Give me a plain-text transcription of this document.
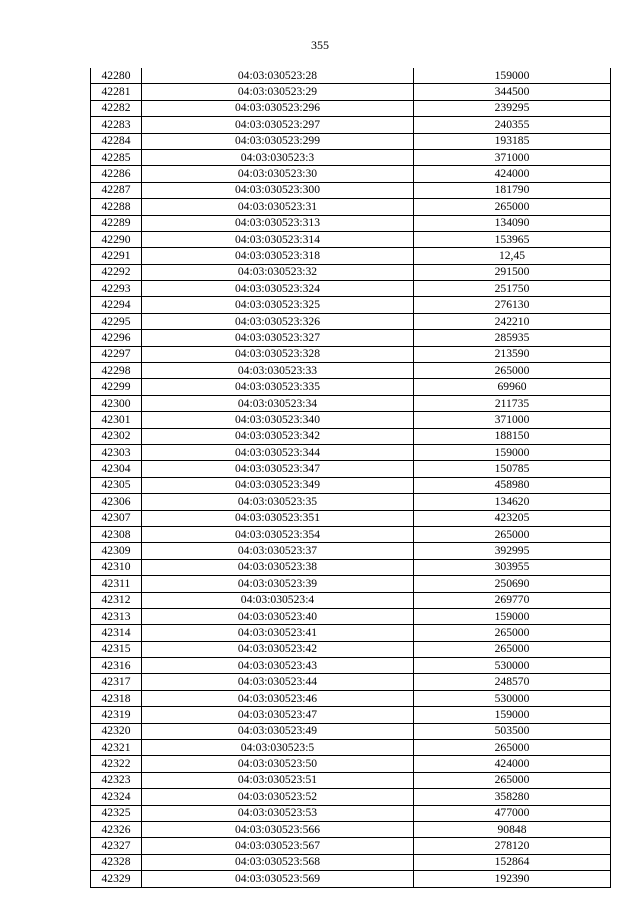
355
42280	04:03:030523:28	159000
42281	04:03:030523:29	344500
42282	04:03:030523:296	239295
42283	04:03:030523:297	240355
42284	04:03:030523:299	193185
42285	04:03:030523:3	371000
42286	04:03:030523:30	424000
42287	04:03:030523:300	181790
42288	04:03:030523:31	265000
42289	04:03:030523:313	134090
42290	04:03:030523:314	153965
42291	04:03:030523:318	12,45
42292	04:03:030523:32	291500
42293	04:03:030523:324	251750
42294	04:03:030523:325	276130
42295	04:03:030523:326	242210
42296	04:03:030523:327	285935
42297	04:03:030523:328	213590
42298	04:03:030523:33	265000
42299	04:03:030523:335	69960
42300	04:03:030523:34	211735
42301	04:03:030523:340	371000
42302	04:03:030523:342	188150
42303	04:03:030523:344	159000
42304	04:03:030523:347	150785
42305	04:03:030523:349	458980
42306	04:03:030523:35	134620
42307	04:03:030523:351	423205
42308	04:03:030523:354	265000
42309	04:03:030523:37	392995
42310	04:03:030523:38	303955
42311	04:03:030523:39	250690
42312	04:03:030523:4	269770
42313	04:03:030523:40	159000
42314	04:03:030523:41	265000
42315	04:03:030523:42	265000
42316	04:03:030523:43	530000
42317	04:03:030523:44	248570
42318	04:03:030523:46	530000
42319	04:03:030523:47	159000
42320	04:03:030523:49	503500
42321	04:03:030523:5	265000
42322	04:03:030523:50	424000
42323	04:03:030523:51	265000
42324	04:03:030523:52	358280
42325	04:03:030523:53	477000
42326	04:03:030523:566	90848
42327	04:03:030523:567	278120
42328	04:03:030523:568	152864
42329	04:03:030523:569	192390
